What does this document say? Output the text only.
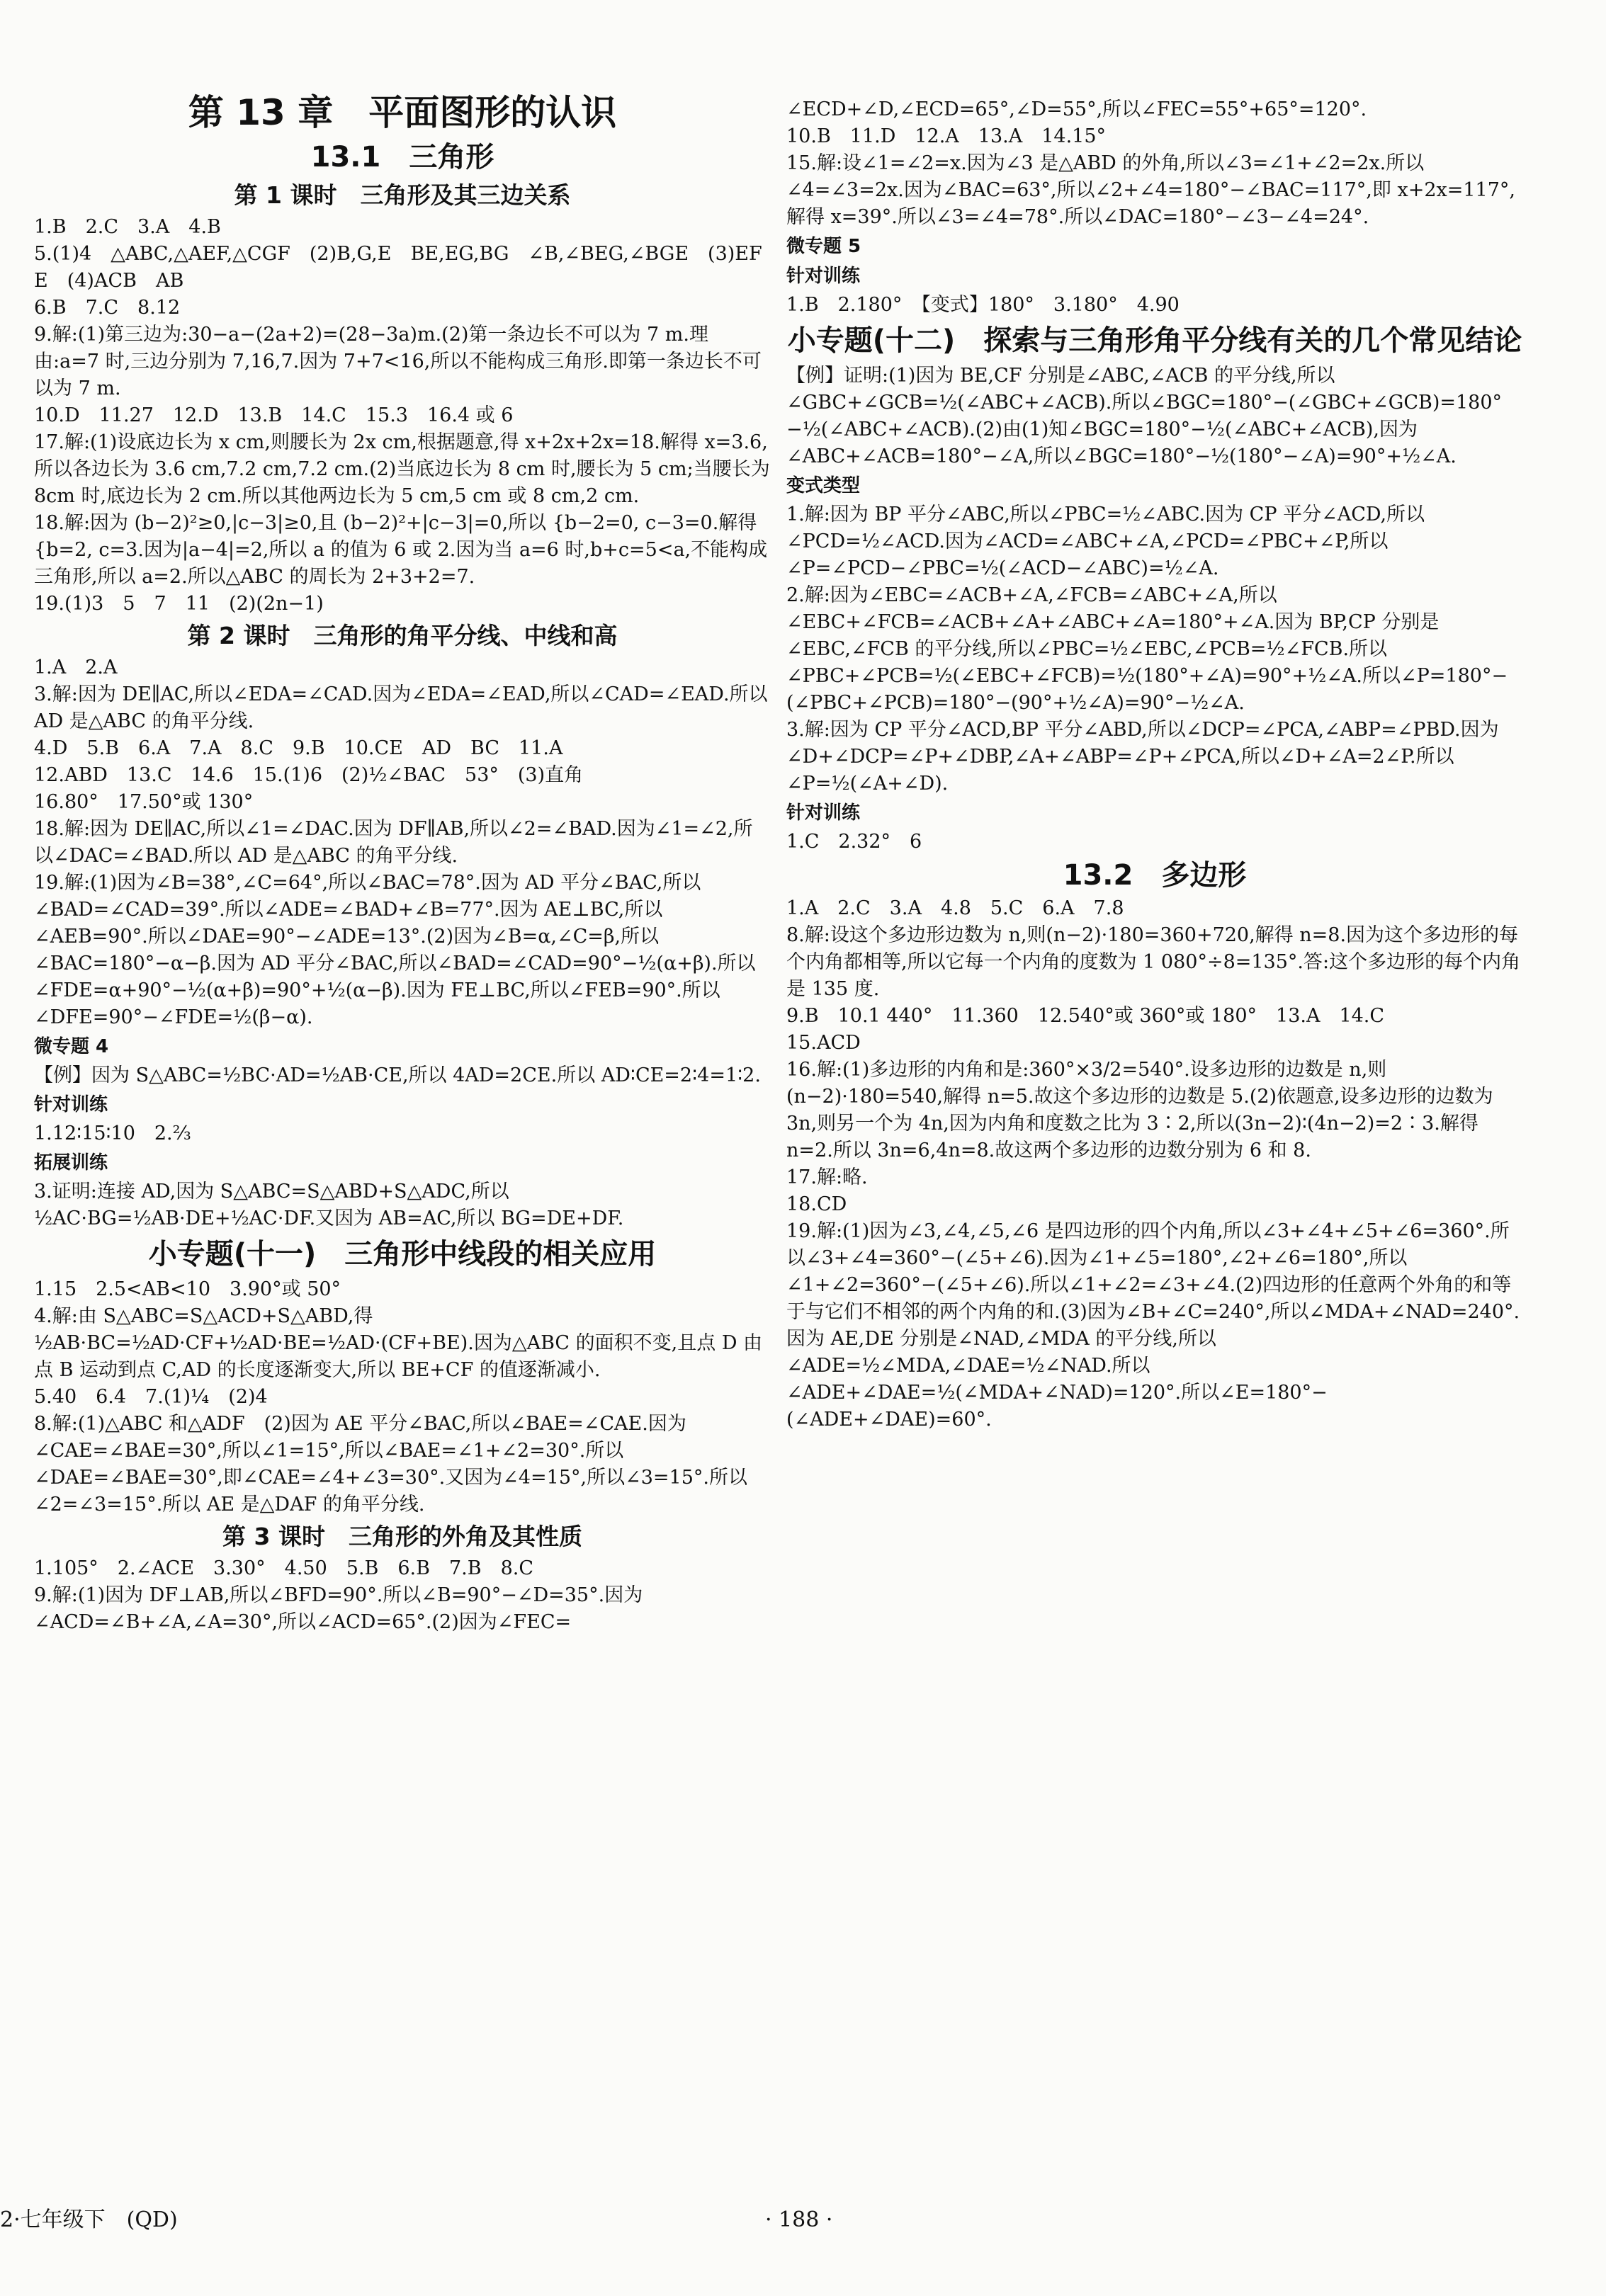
第 13 章　平面图形的认识
13.1　三角形
第 1 课时　三角形及其三边关系

1.B　2.C　3.A　4.B

5.(1)4　△ABC,△AEF,△CGF　(2)B,G,E　BE,EG,BG　∠B,∠BEG,∠BGE　(3)EF　E　(4)ACB　AB

6.B　7.C　8.12

9.解:(1)第三边为:30−a−(2a+2)=(28−3a)m.(2)第一条边长不可以为 7 m.理由:a=7 时,三边分别为 7,16,7.因为 7+7<16,所以不能构成三角形.即第一条边长不可以为 7 m.

10.D　11.27　12.D　13.B　14.C　15.3　16.4 或 6

17.解:(1)设底边长为 x cm,则腰长为 2x cm,根据题意,得 x+2x+2x=18.解得 x=3.6,所以各边长为 3.6 cm,7.2 cm,7.2 cm.(2)当底边长为 8 cm 时,腰长为 5 cm;当腰长为 8cm 时,底边长为 2 cm.所以其他两边长为 5 cm,5 cm 或 8 cm,2 cm.

18.解:因为 (b−2)²≥0,|c−3|≥0,且 (b−2)²+|c−3|=0,所以 {b−2=0, c−3=0.解得 {b=2, c=3.因为|a−4|=2,所以 a 的值为 6 或 2.因为当 a=6 时,b+c=5<a,不能构成三角形,所以 a=2.所以△ABC 的周长为 2+3+2=7.

19.(1)3　5　7　11　(2)(2n−1)

第 2 课时　三角形的角平分线、中线和高

1.A　2.A

3.解:因为 DE∥AC,所以∠EDA=∠CAD.因为∠EDA=∠EAD,所以∠CAD=∠EAD.所以 AD 是△ABC 的角平分线.

4.D　5.B　6.A　7.A　8.C　9.B　10.CE　AD　BC　11.A

12.ABD　13.C　14.6　15.(1)6　(2)½∠BAC　53°　(3)直角

16.80°　17.50°或 130°

18.解:因为 DE∥AC,所以∠1=∠DAC.因为 DF∥AB,所以∠2=∠BAD.因为∠1=∠2,所以∠DAC=∠BAD.所以 AD 是△ABC 的角平分线.

19.解:(1)因为∠B=38°,∠C=64°,所以∠BAC=78°.因为 AD 平分∠BAC,所以∠BAD=∠CAD=39°.所以∠ADE=∠BAD+∠B=77°.因为 AE⊥BC,所以∠AEB=90°.所以∠DAE=90°−∠ADE=13°.(2)因为∠B=α,∠C=β,所以∠BAC=180°−α−β.因为 AD 平分∠BAC,所以∠BAD=∠CAD=90°−½(α+β).所以∠FDE=α+90°−½(α+β)=90°+½(α−β).因为 FE⊥BC,所以∠FEB=90°.所以∠DFE=90°−∠FDE=½(β−α).

微专题 4

【例】因为 S△ABC=½BC·AD=½AB·CE,所以 4AD=2CE.所以 AD∶CE=2∶4=1∶2.

针对训练

1.12∶15∶10　2.⅔

拓展训练

3.证明:连接 AD,因为 S△ABC=S△ABD+S△ADC,所以 ½AC·BG=½AB·DE+½AC·DF.又因为 AB=AC,所以 BG=DE+DF.

小专题(十一)　三角形中线段的相关应用

1.15　2.5<AB<10　3.90°或 50°

4.解:由 S△ABC=S△ACD+S△ABD,得 ½AB·BC=½AD·CF+½AD·BE=½AD·(CF+BE).因为△ABC 的面积不变,且点 D 由点 B 运动到点 C,AD 的长度逐渐变大,所以 BE+CF 的值逐渐减小.

5.40　6.4　7.(1)¼　(2)4

8.解:(1)△ABC 和△ADF　(2)因为 AE 平分∠BAC,所以∠BAE=∠CAE.因为∠CAE=∠BAE=30°,所以∠1=15°,所以∠BAE=∠1+∠2=30°.所以∠DAE=∠BAE=30°,即∠CAE=∠4+∠3=30°.又因为∠4=15°,所以∠3=15°.所以∠2=∠3=15°.所以 AE 是△DAF 的角平分线.

第 3 课时　三角形的外角及其性质

1.105°　2.∠ACE　3.30°　4.50　5.B　6.B　7.B　8.C

9.解:(1)因为 DF⊥AB,所以∠BFD=90°.所以∠B=90°−∠D=35°.因为∠ACD=∠B+∠A,∠A=30°,所以∠ACD=65°.(2)因为∠FEC=

∠ECD+∠D,∠ECD=65°,∠D=55°,所以∠FEC=55°+65°=120°.

10.B　11.D　12.A　13.A　14.15°

15.解:设∠1=∠2=x.因为∠3 是△ABD 的外角,所以∠3=∠1+∠2=2x.所以∠4=∠3=2x.因为∠BAC=63°,所以∠2+∠4=180°−∠BAC=117°,即 x+2x=117°,解得 x=39°.所以∠3=∠4=78°.所以∠DAC=180°−∠3−∠4=24°.

微专题 5
针对训练

1.B　2.180°　【变式】180°　3.180°　4.90

小专题(十二)　探索与三角形角平分线有关的几个常见结论

【例】证明:(1)因为 BE,CF 分别是∠ABC,∠ACB 的平分线,所以∠GBC+∠GCB=½(∠ABC+∠ACB).所以∠BGC=180°−(∠GBC+∠GCB)=180°−½(∠ABC+∠ACB).(2)由(1)知∠BGC=180°−½(∠ABC+∠ACB),因为∠ABC+∠ACB=180°−∠A,所以∠BGC=180°−½(180°−∠A)=90°+½∠A.

变式类型

1.解:因为 BP 平分∠ABC,所以∠PBC=½∠ABC.因为 CP 平分∠ACD,所以∠PCD=½∠ACD.因为∠ACD=∠ABC+∠A,∠PCD=∠PBC+∠P,所以∠P=∠PCD−∠PBC=½(∠ACD−∠ABC)=½∠A.

2.解:因为∠EBC=∠ACB+∠A,∠FCB=∠ABC+∠A,所以∠EBC+∠FCB=∠ACB+∠A+∠ABC+∠A=180°+∠A.因为 BP,CP 分别是∠EBC,∠FCB 的平分线,所以∠PBC=½∠EBC,∠PCB=½∠FCB.所以∠PBC+∠PCB=½(∠EBC+∠FCB)=½(180°+∠A)=90°+½∠A.所以∠P=180°−(∠PBC+∠PCB)=180°−(90°+½∠A)=90°−½∠A.

3.解:因为 CP 平分∠ACD,BP 平分∠ABD,所以∠DCP=∠PCA,∠ABP=∠PBD.因为∠D+∠DCP=∠P+∠DBP,∠A+∠ABP=∠P+∠PCA,所以∠D+∠A=2∠P.所以∠P=½(∠A+∠D).

针对训练

1.C　2.32°　6

13.2　多边形

1.A　2.C　3.A　4.8　5.C　6.A　7.8

8.解:设这个多边形边数为 n,则(n−2)·180=360+720,解得 n=8.因为这个多边形的每个内角都相等,所以它每一个内角的度数为 1 080°÷8=135°.答:这个多边形的每个内角是 135 度.

9.B　10.1 440°　11.360　12.540°或 360°或 180°　13.A　14.C

15.ACD

16.解:(1)多边形的内角和是:360°×3/2=540°.设多边形的边数是 n,则(n−2)·180=540,解得 n=5.故这个多边形的边数是 5.(2)依题意,设多边形的边数为 3n,则另一个为 4n,因为内角和度数之比为 3∶2,所以(3n−2)∶(4n−2)=2∶3.解得 n=2.所以 3n=6,4n=8.故这两个多边形的边数分别为 6 和 8.

17.解:略.

18.CD

19.解:(1)因为∠3,∠4,∠5,∠6 是四边形的四个内角,所以∠3+∠4+∠5+∠6=360°.所以∠3+∠4=360°−(∠5+∠6).因为∠1+∠5=180°,∠2+∠6=180°,所以∠1+∠2=360°−(∠5+∠6).所以∠1+∠2=∠3+∠4.(2)四边形的任意两个外角的和等于与它们不相邻的两个内角的和.(3)因为∠B+∠C=240°,所以∠MDA+∠NAD=240°.因为 AE,DE 分别是∠NAD,∠MDA 的平分线,所以∠ADE=½∠MDA,∠DAE=½∠NAD.所以∠ADE+∠DAE=½(∠MDA+∠NAD)=120°.所以∠E=180°−(∠ADE+∠DAE)=60°.

2·七年级下　(QD)	· 188 ·
